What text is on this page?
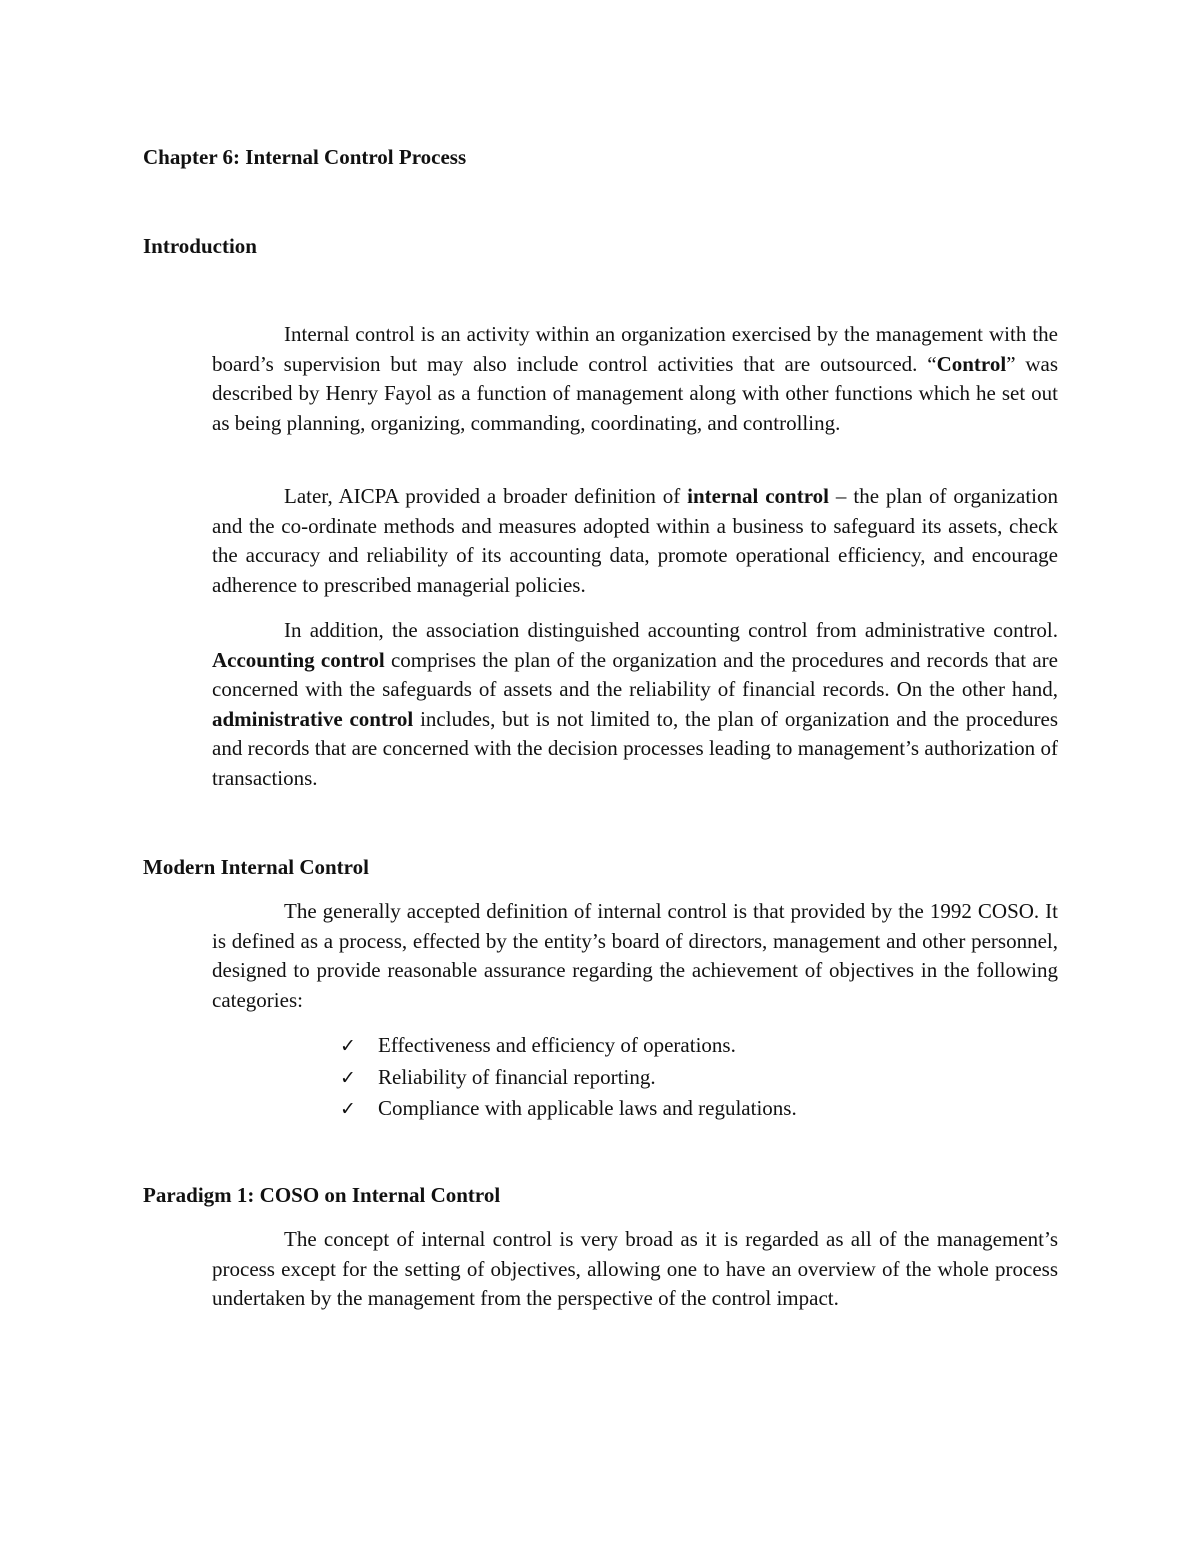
Chapter 6: Internal Control Process
Introduction

Internal control is an activity within an organization exercised by the management with the board’s supervision but may also include control activities that are outsourced. “Control” was described by Henry Fayol as a function of management along with other functions which he set out as being planning, organizing, commanding, coordinating, and controlling.

Later, AICPA provided a broader definition of internal control – the plan of organization and the co-ordinate methods and measures adopted within a business to safeguard its assets, check the accuracy and reliability of its accounting data, promote operational efficiency, and encourage adherence to prescribed managerial policies.

In addition, the association distinguished accounting control from administrative control. Accounting control comprises the plan of the organization and the procedures and records that are concerned with the safeguards of assets and the reliability of financial records. On the other hand, administrative control includes, but is not limited to, the plan of organization and the procedures and records that are concerned with the decision processes leading to management’s authorization of transactions.

Modern Internal Control

The generally accepted definition of internal control is that provided by the 1992 COSO. It is defined as a process, effected by the entity’s board of directors, management and other personnel, designed to provide reasonable assurance regarding the achievement of objectives in the following categories:

✓	Effectiveness and efficiency of operations.
✓	Reliability of financial reporting.
✓	Compliance with applicable laws and regulations.
Paradigm 1: COSO on Internal Control

The concept of internal control is very broad as it is regarded as all of the management’s process except for the setting of objectives, allowing one to have an overview of the whole process undertaken by the management from the perspective of the control impact.
